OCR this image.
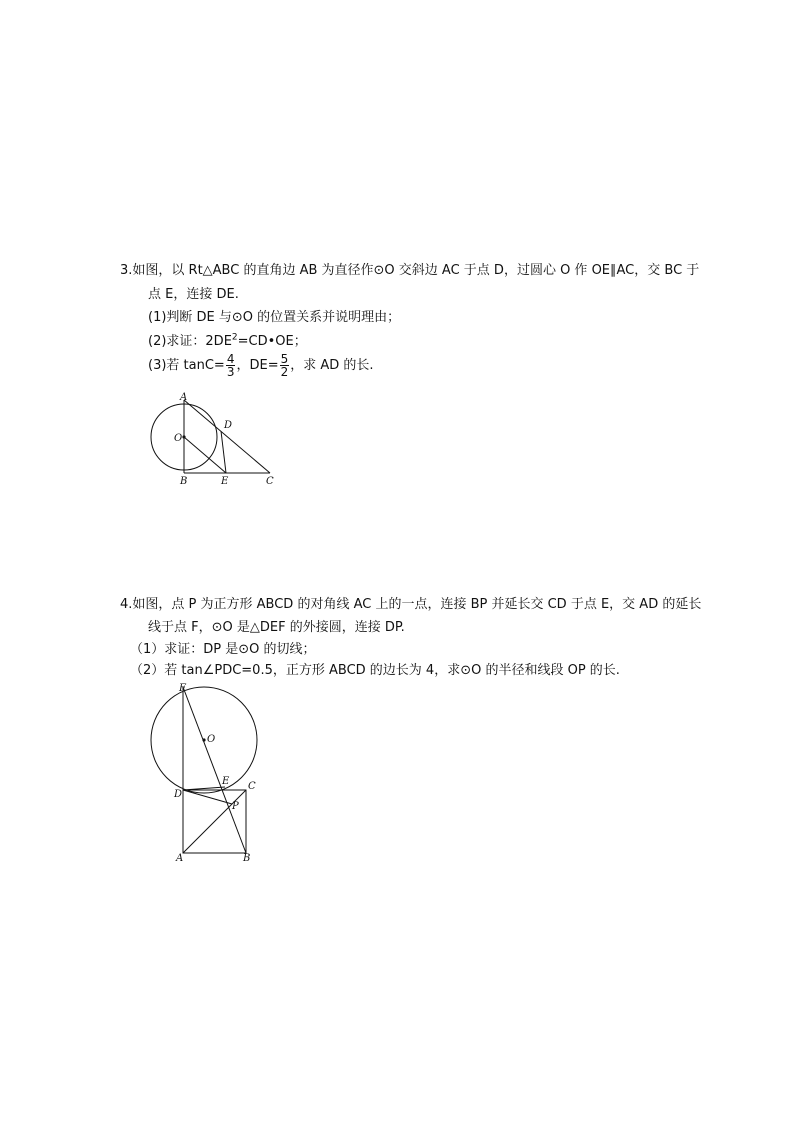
3.如图，以 Rt△ABC 的直角边 AB 为直径作⊙O 交斜边 AC 于点 D，过圆心 O 作 OE∥AC，交 BC 于
点 E，连接 DE.
(1)判断 DE 与⊙O 的位置关系并说明理由；
(2)求证：$2DE^2=CD•OE$；
(3)若 $\tan C= \frac{4}{3}$ ，$DE= \frac{5}{2}$ ，求 AD 的长.
A
D
O
B	E	C
4.如图，点 P 为正方形 ABCD 的对角线 AC 上的一点，连接 BP 并延长交 CD 于点 E，交 AD 的延长
线于点 F，⊙O 是△DEF 的外接圆，连接 DP.
（1）求证：DP 是⊙O 的切线；
（2）若 tan∠PDC=0.5，正方形 ABCD 的边长为 4，求⊙O 的半径和线段 OP 的长.
F
O
E C
D
P
A	B
